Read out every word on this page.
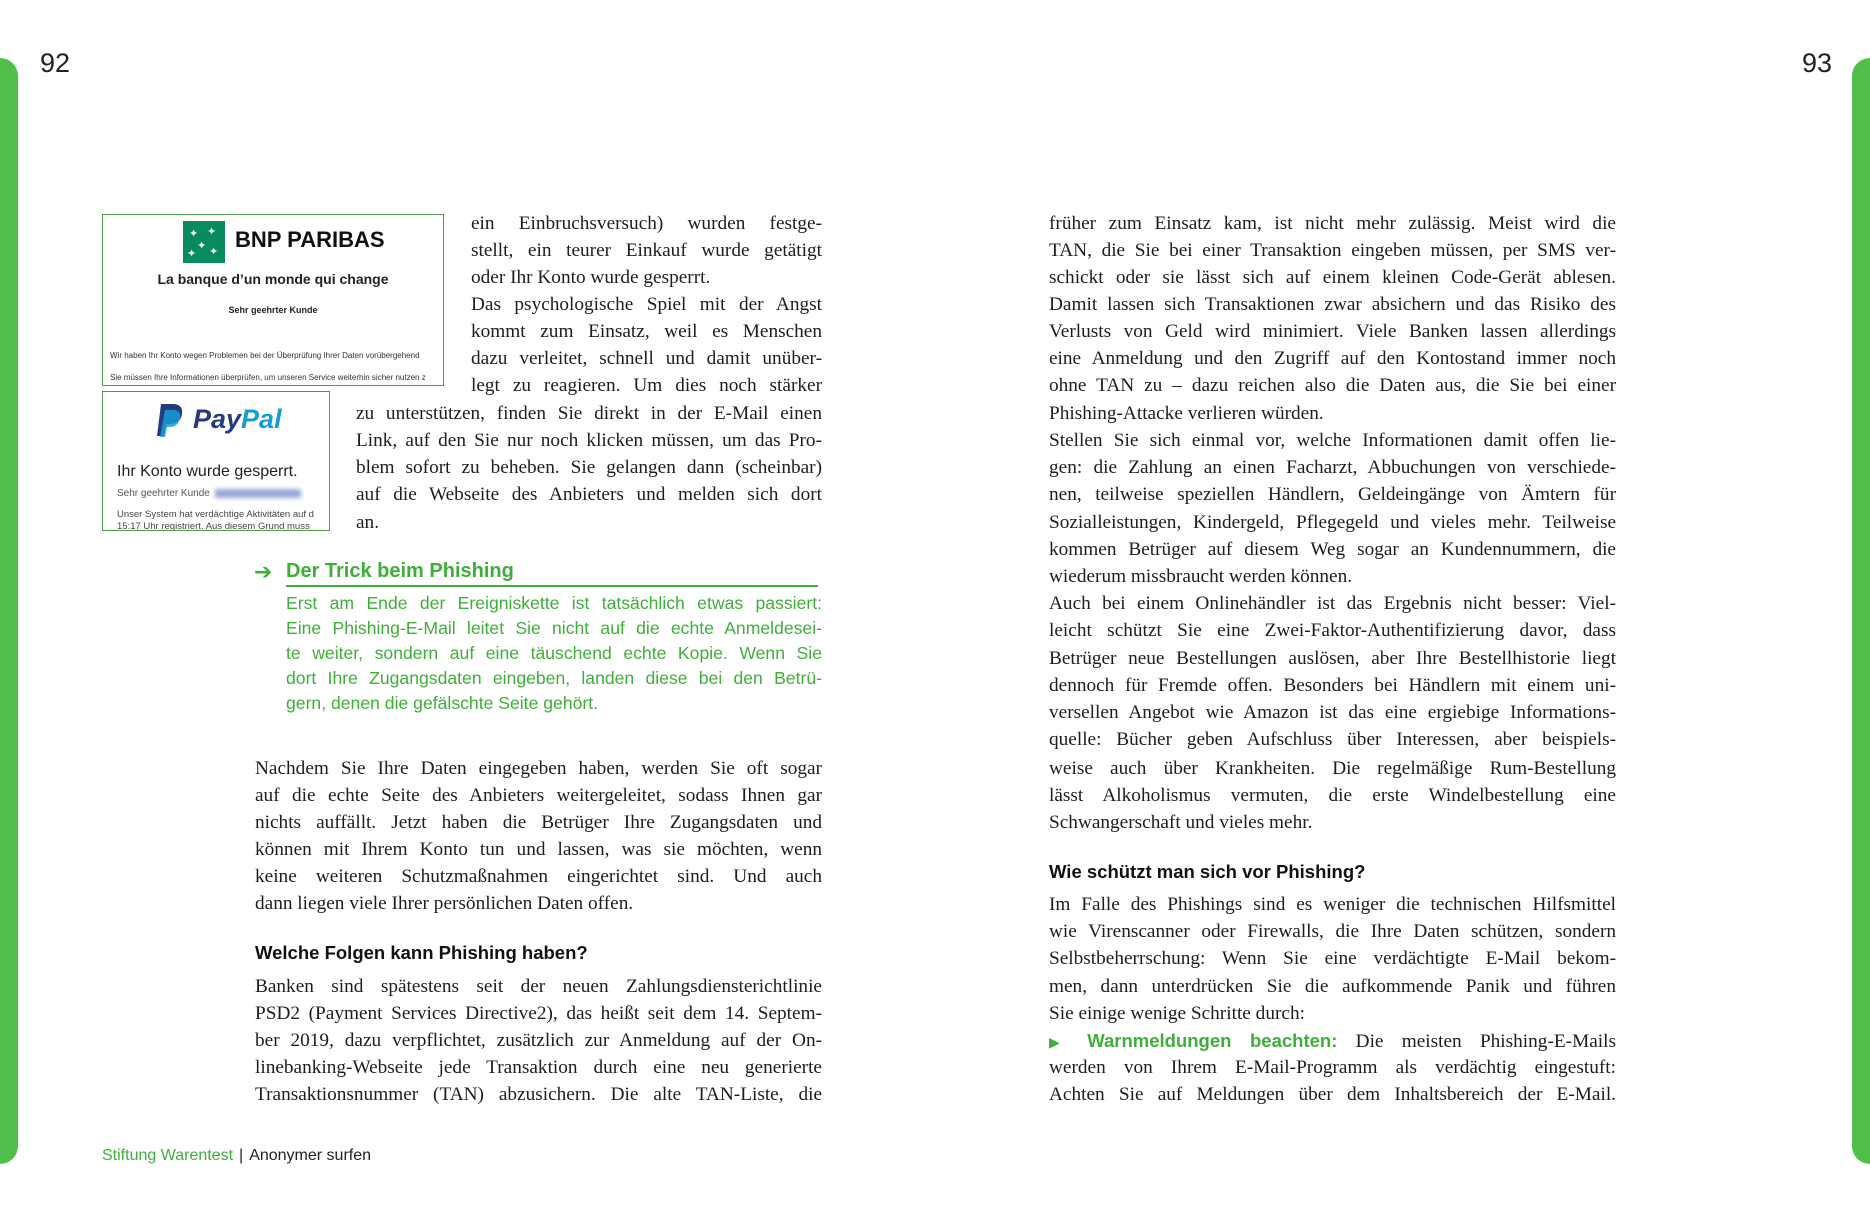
92	93
✦ ✦
✦
✦ ✦ BNP PARIBAS
La banque d’un monde qui change
Sehr geehrter Kunde
Wir haben Ihr Konto wegen Problemen bei der Überprüfung Ihrer Daten vorübergehend
Sie müssen Ihre Informationen überprüfen, um unseren Service weiterhin sicher nutzen z
PayPal
Ihr Konto wurde gesperrt.
Sehr geehrter Kunde
Unser System hat verdächtige Aktivitäten auf d
15:17 Uhr registriert. Aus diesem Grund muss
ein Einbruchsversuch) wurden festge-
stellt, ein teurer Einkauf wurde getätigt
oder Ihr Konto wurde gesperrt.
Das psychologische Spiel mit der Angst
kommt zum Einsatz, weil es Menschen
dazu verleitet, schnell und damit unüber-
legt zu reagieren. Um dies noch stärker
zu unterstützen, finden Sie direkt in der E-Mail einen
Link, auf den Sie nur noch klicken müssen, um das Pro-
blem sofort zu beheben. Sie gelangen dann (scheinbar)
auf die Webseite des Anbieters und melden sich dort
an.
➔ Der Trick beim Phishing
Erst am Ende der Ereigniskette ist tatsächlich etwas passiert:
Eine Phishing-E-Mail leitet Sie nicht auf die echte Anmeldesei-
te weiter, sondern auf eine täuschend echte Kopie. Wenn Sie
dort Ihre Zugangsdaten eingeben, landen diese bei den Betrü-
gern, denen die gefälschte Seite gehört.
Nachdem Sie Ihre Daten eingegeben haben, werden Sie oft sogar
auf die echte Seite des Anbieters weitergeleitet, sodass Ihnen gar
nichts auffällt. Jetzt haben die Betrüger Ihre Zugangsdaten und
können mit Ihrem Konto tun und lassen, was sie möchten, wenn
keine weiteren Schutzmaßnahmen eingerichtet sind. Und auch
dann liegen viele Ihrer persönlichen Daten offen.
Welche Folgen kann Phishing haben?
Banken sind spätestens seit der neuen Zahlungsdiensterichtlinie
PSD2 (Payment Services Directive2), das heißt seit dem 14. Septem-
ber 2019, dazu verpflichtet, zusätzlich zur Anmeldung auf der On-
linebanking-Webseite jede Transaktion durch eine neu generierte
Transaktionsnummer (TAN) abzusichern. Die alte TAN-Liste, die
früher zum Einsatz kam, ist nicht mehr zulässig. Meist wird die
TAN, die Sie bei einer Transaktion eingeben müssen, per SMS ver-
schickt oder sie lässt sich auf einem kleinen Code-Gerät ablesen.
Damit lassen sich Transaktionen zwar absichern und das Risiko des
Verlusts von Geld wird minimiert. Viele Banken lassen allerdings
eine Anmeldung und den Zugriff auf den Kontostand immer noch
ohne TAN zu – dazu reichen also die Daten aus, die Sie bei einer
Phishing-Attacke verlieren würden.
Stellen Sie sich einmal vor, welche Informationen damit offen lie-
gen: die Zahlung an einen Facharzt, Abbuchungen von verschiede-
nen, teilweise speziellen Händlern, Geldeingänge von Ämtern für
Sozialleistungen, Kindergeld, Pflegegeld und vieles mehr. Teilweise
kommen Betrüger auf diesem Weg sogar an Kundennummern, die
wiederum missbraucht werden können.
Auch bei einem Onlinehändler ist das Ergebnis nicht besser: Viel-
leicht schützt Sie eine Zwei-Faktor-Authentifizierung davor, dass
Betrüger neue Bestellungen auslösen, aber Ihre Bestellhistorie liegt
dennoch für Fremde offen. Besonders bei Händlern mit einem uni-
versellen Angebot wie Amazon ist das eine ergiebige Informations-
quelle: Bücher geben Aufschluss über Interessen, aber beispiels-
weise auch über Krankheiten. Die regelmäßige Rum-Bestellung
lässt Alkoholismus vermuten, die erste Windelbestellung eine
Schwangerschaft und vieles mehr.
Wie schützt man sich vor Phishing?
Im Falle des Phishings sind es weniger die technischen Hilfsmittel
wie Virenscanner oder Firewalls, die Ihre Daten schützen, sondern
Selbstbeherrschung: Wenn Sie eine verdächtigte E-Mail bekom-
men, dann unterdrücken Sie die aufkommende Panik und führen
Sie einige wenige Schritte durch:
▶ Warnmeldungen beachten: Die meisten Phishing-E-Mails
werden von Ihrem E-Mail-Programm als verdächtig eingestuft:
Achten Sie auf Meldungen über dem Inhaltsbereich der E-Mail.
Stiftung Warentest | Anonymer surfen
